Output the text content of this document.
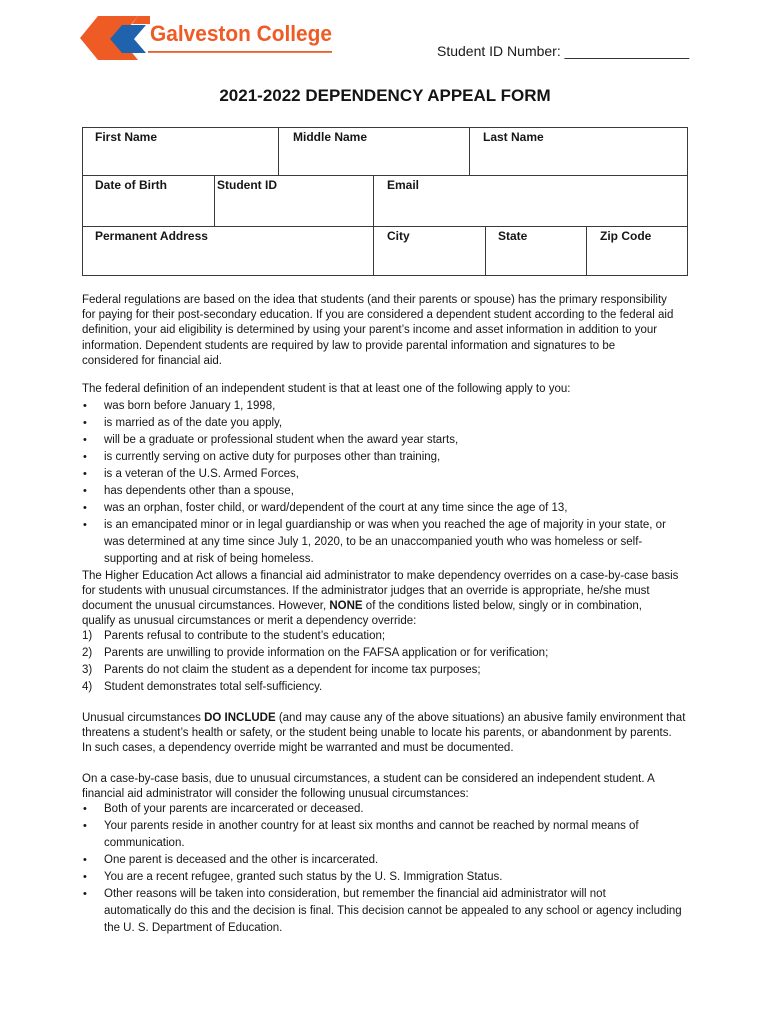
Galveston College
Student ID Number: ________________
2021-2022 DEPENDENCY APPEAL FORM
First Name	Middle Name	Last Name
Date of Birth	Student ID	Email
Permanent Address	City	State	Zip Code
Federal regulations are based on the idea that students (and their parents or spouse) has the primary responsibility
for paying for their post-secondary education. If you are considered a dependent student according to the federal aid
definition, your aid eligibility is determined by using your parent’s income and asset information in addition to your
information. Dependent students are required by law to provide parental information and signatures to be
considered for financial aid.
The federal definition of an independent student is that at least one of the following apply to you:
• was born before January 1, 1998,
• is married as of the date you apply,
• will be a graduate or professional student when the award year starts,
• is currently serving on active duty for purposes other than training,
• is a veteran of the U.S. Armed Forces,
• has dependents other than a spouse,
• was an orphan, foster child, or ward/dependent of the court at any time since the age of 13,
• is an emancipated minor or in legal guardianship or was when you reached the age of majority in your state, or
was determined at any time since July 1, 2020, to be an unaccompanied youth who was homeless or self-
supporting and at risk of being homeless.
The Higher Education Act allows a financial aid administrator to make dependency overrides on a case-by-case basis
for students with unusual circumstances. If the administrator judges that an override is appropriate, he/she must
document the unusual circumstances. However, NONE of the conditions listed below, singly or in combination,
qualify as unusual circumstances or merit a dependency override:
1) Parents refusal to contribute to the student’s education;
2) Parents are unwilling to provide information on the FAFSA application or for verification;
3) Parents do not claim the student as a dependent for income tax purposes;
4) Student demonstrates total self-sufficiency.
Unusual circumstances DO INCLUDE (and may cause any of the above situations) an abusive family environment that
threatens a student’s health or safety, or the student being unable to locate his parents, or abandonment by parents.
In such cases, a dependency override might be warranted and must be documented.
On a case-by-case basis, due to unusual circumstances, a student can be considered an independent student. A
financial aid administrator will consider the following unusual circumstances:
• Both of your parents are incarcerated or deceased.
• Your parents reside in another country for at least six months and cannot be reached by normal means of
communication.
• One parent is deceased and the other is incarcerated.
• You are a recent refugee, granted such status by the U. S. Immigration Status.
• Other reasons will be taken into consideration, but remember the financial aid administrator will not
automatically do this and the decision is final. This decision cannot be appealed to any school or agency including
the U. S. Department of Education.
